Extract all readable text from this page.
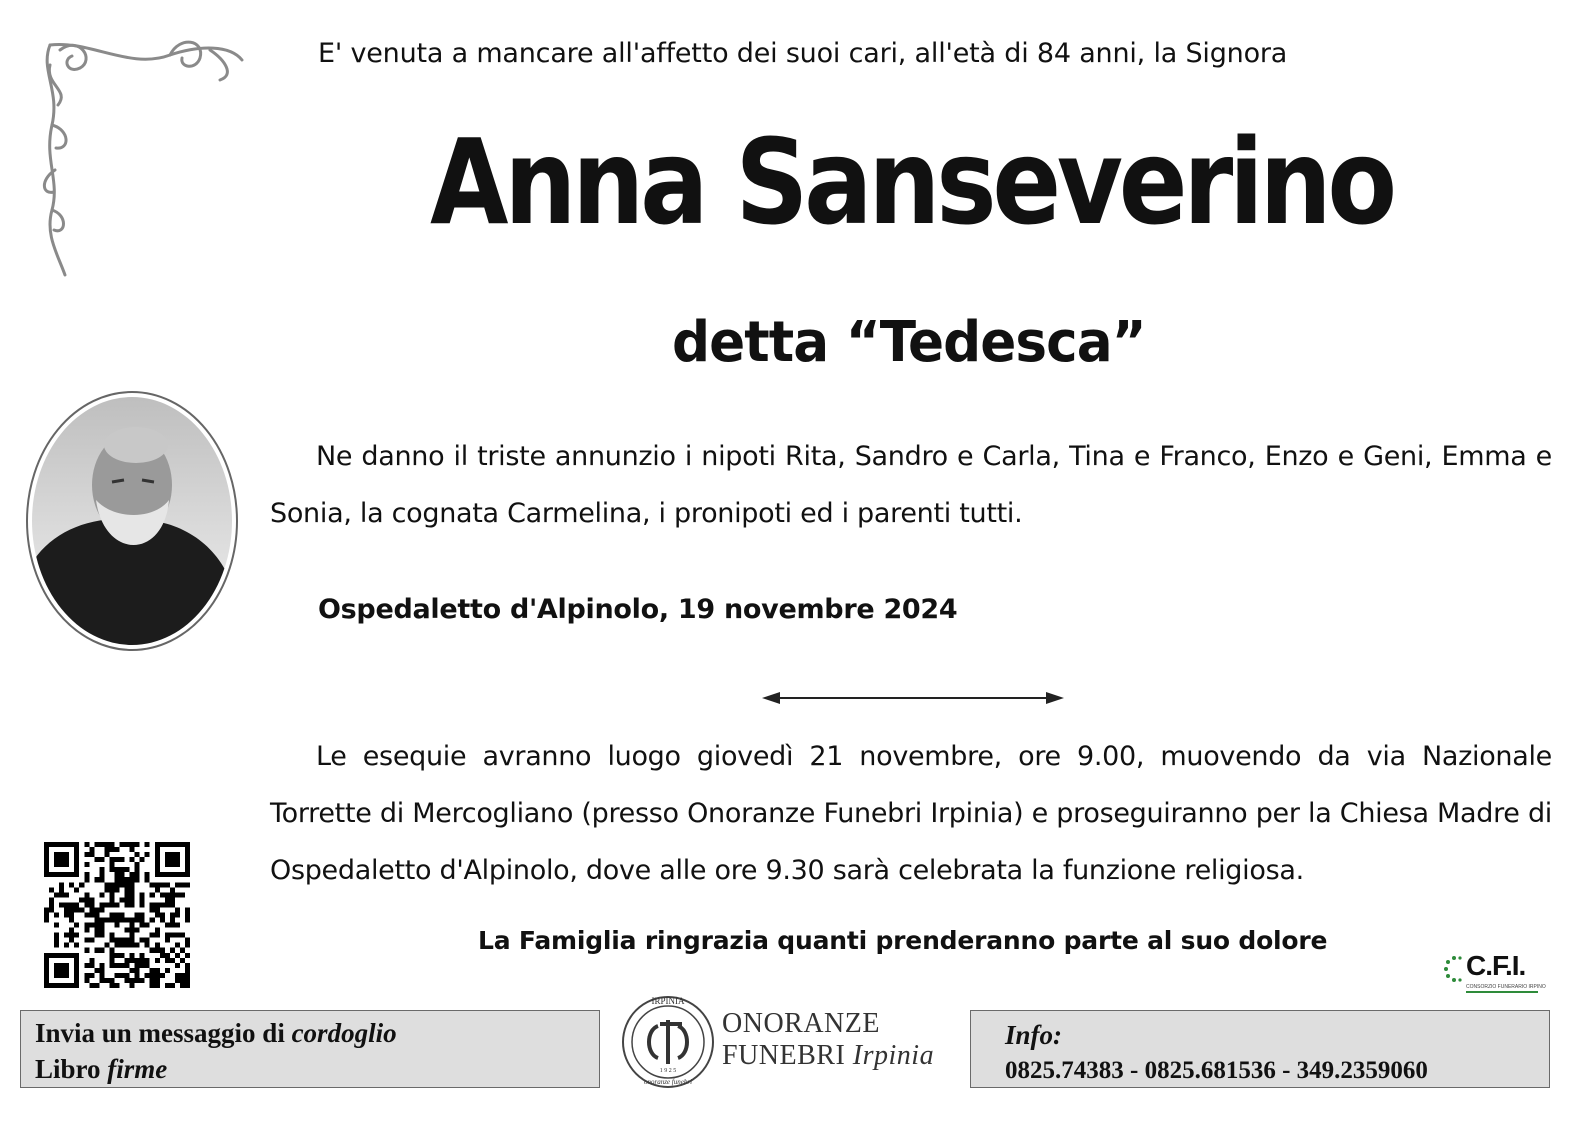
E' venuta a mancare all'affetto dei suoi cari, all'età di 84 anni, la Signora
Anna Sanseverino
detta “Tedesca”
Ne danno il triste annunzio i nipoti Rita, Sandro e Carla, Tina e Franco, Enzo e Geni, Emma e Sonia, la cognata Carmelina, i pronipoti ed i parenti tutti.
Ospedaletto d'Alpinolo, 19 novembre 2024
Le esequie avranno luogo giovedì 21 novembre, ore 9.00, muovendo da via Nazionale Torrette di Mercogliano (presso Onoranze Funebri Irpinia) e proseguiranno per la Chiesa Madre di Ospedaletto d'Alpinolo, dove alle ore 9.30 sarà celebrata la funzione religiosa.
La Famiglia ringrazia quanti prenderanno parte al suo dolore
C.F.I.
CONSORZIO FUNERARIO IRPINO
Invia un messaggio di cordoglio
Libro firme
IRPINIA
1 9 2 5
onoranze funebri
ONORANZE
FUNEBRI Irpinia
Info:
0825.74383 - 0825.681536 - 349.2359060
